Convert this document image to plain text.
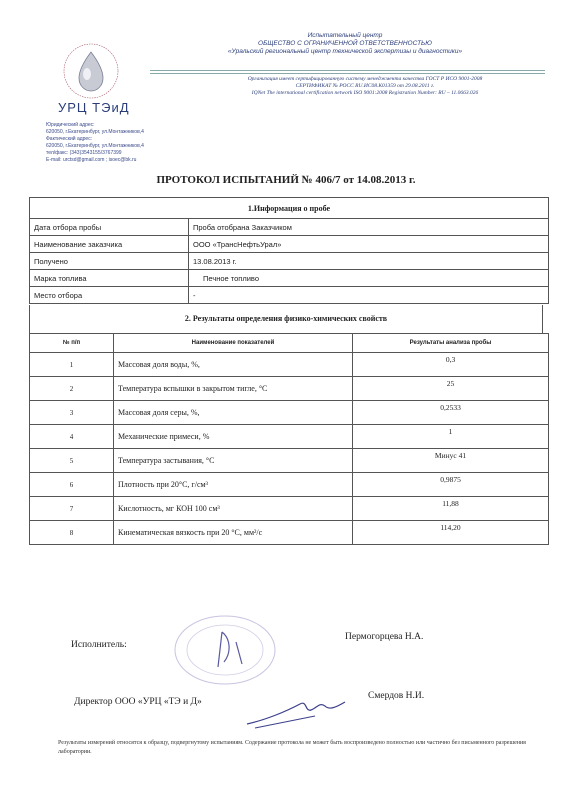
УРЦ ТЭиД
Юридический адрес:
620050, г.Екатеринбург, ул.Монтажников,4
Фактический адрес:
620050, г.Екатеринбург, ул.Монтажников,4
тел/факс: (343)3543155/3767399
E-mail: urctsd@gmail.com ; isoec@bk.ru
Испытательный центр
ОБЩЕСТВО С ОГРАНИЧЕННОЙ ОТВЕТСТВЕННОСТЬЮ
«Уральский региональный центр технической экспертизы и диагностики»
Организация имеет сертифицированную систему менеджмента качества ГОСТ Р ИСО 9001-2008
СЕРТИФИКАТ № РОСС RU.ИС08.К01359 от 29.08.2011 г.
IQNet The international certification network ISO 9001:2008 Registration Number: RU – 11.0663.026
ПРОТОКОЛ ИСПЫТАНИЙ № 406/7 от 14.08.2013 г.
1.Информация о пробе	
Дата отбора пробы	Проба отобрана Заказчиком
Наименование заказчика	ООО «ТрансНефтьУрал»
Получено	13.08.2013 г.
Марка топлива	Печное топливо
Место отбора	-
2. Результаты определения физико-химических свойств
№ п/п	Наименование показателей	Результаты анализа пробы
1	Массовая доля воды, %,	0,3
2	Температура вспышки в закрытом тигле, °С	25
3	Массовая доля серы, %,	0,2533
4	Механические примеси, %	1
5	Температура застывания, °С	Минус 41
6	Плотность при 20°С, г/см³	0,9875
7	Кислотность, мг КОН 100 см³	11,88
8	Кинематическая вязкость при 20 °С, мм²/с	114,20
Исполнитель:
Пермогорцева Н.А.
Директор ООО «УРЦ «ТЭ и Д»
Смердов Н.И.
Результаты измерений относятся к образцу, подвергнутому испытаниям. Содержание протокола не может быть воспроизведено полностью или частично без письменного разрешения лаборатории.
